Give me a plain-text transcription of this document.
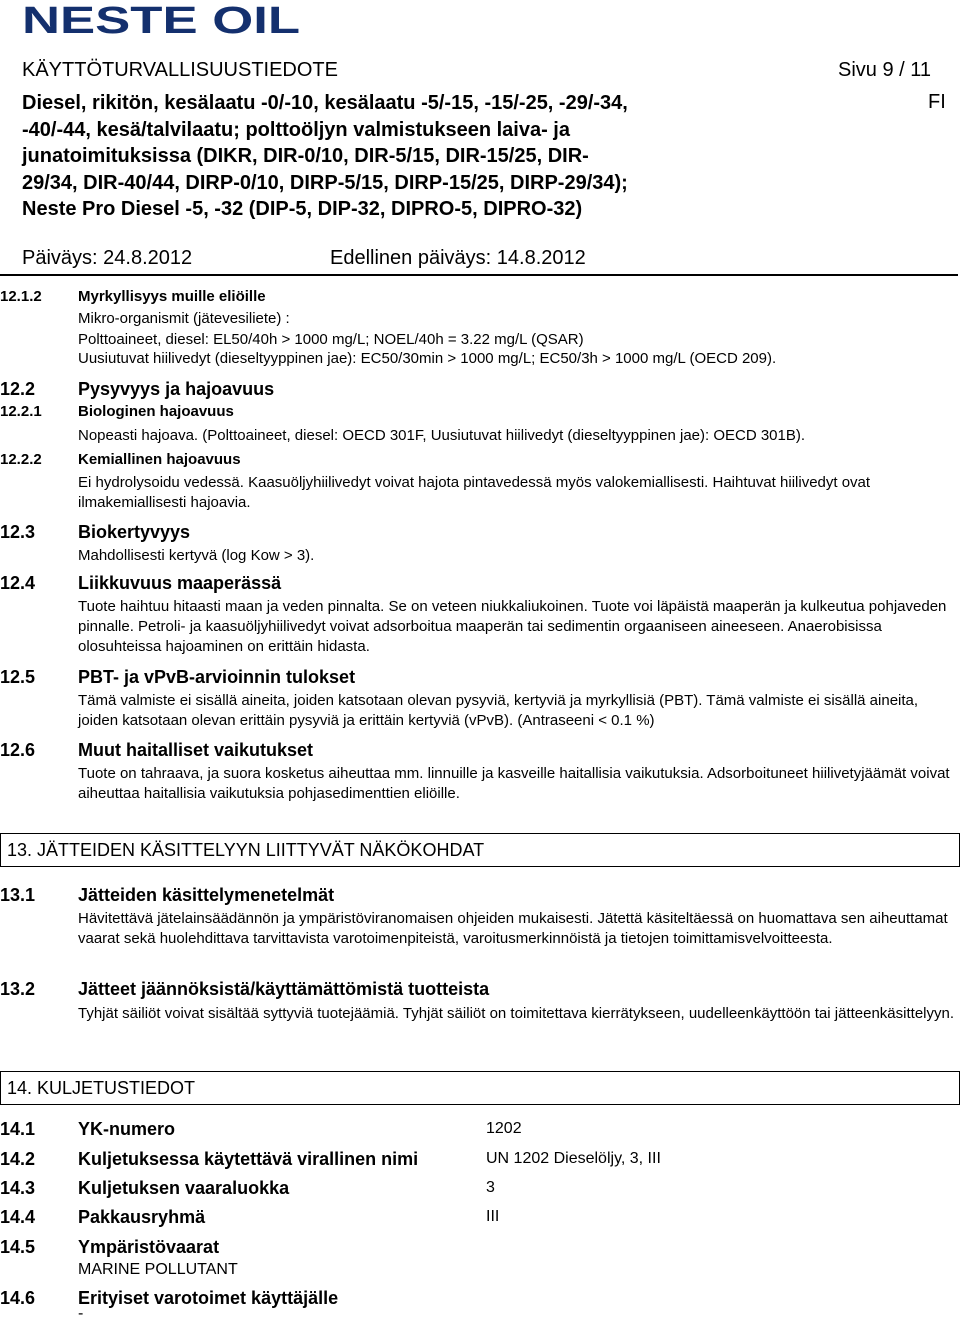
NESTE OIL
KÄYTTÖTURVALLISUUSTIEDOTE	Sivu 9 / 11
FI
Diesel, rikitön, kesälaatu -0/-10, kesälaatu -5/-15, -15/-25, -29/-34, -40/-44, kesä/talvilaatu; polttoöljyn valmistukseen laiva- ja junatoimituksissa (DIKR, DIR-0/10, DIR-5/15, DIR-15/25, DIR-29/34, DIR-40/44, DIRP-0/10, DIRP-5/15, DIRP-15/25, DIRP-29/34); Neste Pro Diesel -5, -32 (DIP-5, DIP-32, DIPRO-5, DIPRO-32)
Päiväys: 24.8.2012	Edellinen päiväys: 14.8.2012
12.1.2 Myrkyllisyys muille eliöille
Mikro-organismit (jätevesiliete) :
Polttoaineet, diesel: EL50/40h > 1000 mg/L; NOEL/40h = 3.22 mg/L (QSAR)
Uusiutuvat hiilivedyt (dieseltyyppinen jae): EC50/30min > 1000 mg/L; EC50/3h > 1000 mg/L (OECD 209).
12.2 Pysyvyys ja hajoavuus
12.2.1 Biologinen hajoavuus
Nopeasti hajoava. (Polttoaineet, diesel: OECD 301F, Uusiutuvat hiilivedyt (dieseltyyppinen jae): OECD 301B).
12.2.2 Kemiallinen hajoavuus
Ei hydrolysoidu vedessä. Kaasuöljyhiilivedyt voivat hajota pintavedessä myös valokemiallisesti. Haihtuvat hiilivedyt ovat ilmakemiallisesti hajoavia.
12.3 Biokertyvyys
Mahdollisesti kertyvä (log Kow > 3).
12.4 Liikkuvuus maaperässä
Tuote haihtuu hitaasti maan ja veden pinnalta. Se on veteen niukkaliukoinen. Tuote voi läpäistä maaperän ja kulkeutua pohjaveden pinnalle. Petroli- ja kaasuöljyhiilivedyt voivat adsorboitua maaperän tai sedimentin orgaaniseen aineeseen. Anaerobisissa olosuhteissa hajoaminen on erittäin hidasta.
12.5 PBT- ja vPvB-arvioinnin tulokset
Tämä valmiste ei sisällä aineita, joiden katsotaan olevan pysyviä, kertyviä ja myrkyllisiä (PBT). Tämä valmiste ei sisällä aineita, joiden katsotaan olevan erittäin pysyviä ja erittäin kertyviä (vPvB). (Antraseeni < 0.1 %)
12.6 Muut haitalliset vaikutukset
Tuote on tahraava, ja suora kosketus aiheuttaa mm. linnuille ja kasveille haitallisia vaikutuksia. Adsorboituneet hiilivetyjäämät voivat aiheuttaa haitallisia vaikutuksia pohjasedimenttien eliöille.
13. JÄTTEIDEN KÄSITTELYYN LIITTYVÄT NÄKÖKOHDAT
13.1 Jätteiden käsittelymenetelmät
Hävitettävä jätelainsäädännön ja ympäristöviranomaisen ohjeiden mukaisesti. Jätettä käsiteltäessä on huomattava sen aiheuttamat vaarat sekä huolehdittava tarvittavista varotoimenpiteistä, varoitusmerkinnöistä ja tietojen toimittamisvelvoitteesta.
13.2 Jätteet jäännöksistä/käyttämättömistä tuotteista
Tyhjät säiliöt voivat sisältää syttyviä tuotejäämiä. Tyhjät säiliöt on toimitettava kierrätykseen, uudelleenkäyttöön tai jätteenkäsittelyyn.
14. KULJETUSTIEDOT
14.1 YK-numero	1202
14.2 Kuljetuksessa käytettävä virallinen nimi	UN 1202 Dieselöljy, 3, III
14.3 Kuljetuksen vaaraluokka	3
14.4 Pakkausryhmä	III
14.5 Ympäristövaarat
MARINE POLLUTANT
14.6 Erityiset varotoimet käyttäjälle
-
